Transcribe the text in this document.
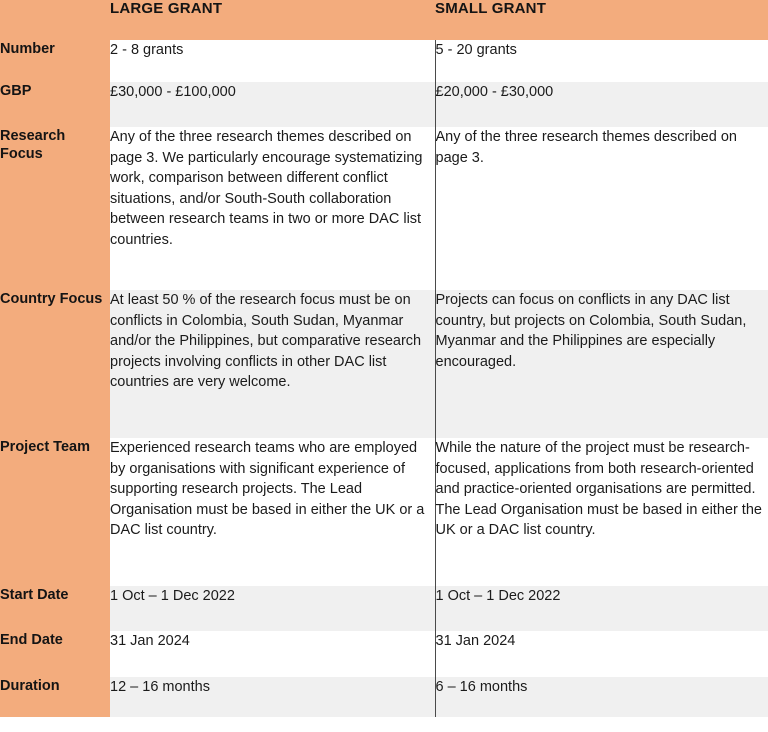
	LARGE GRANT	SMALL GRANT
Number	2 - 8 grants	5 - 20 grants
GBP	£30,000 - £100,000	£20,000 - £30,000
Research Focus	Any of the three research themes described on page 3. We particularly encourage systematizing work, comparison between different conflict situations, and/or South-South collaboration between research teams in two or more DAC list countries.	Any of the three research themes described on page 3.
Country Focus	At least 50 % of the research focus must be on conflicts in Colombia, South Sudan, Myanmar and/or the Philippines, but comparative research projects involving conflicts in other DAC list countries are very welcome.	Projects can focus on conflicts in any DAC list country, but projects on Colombia, South Sudan, Myanmar and the Philippines are especially encouraged.
Project Team	Experienced research teams who are employed by organisations with significant experience of supporting research projects. The Lead Organisation must be based in either the UK or a DAC list country.	While the nature of the project must be research-focused, applications from both research-oriented and practice-oriented organisations are permitted. The Lead Organisation must be based in either the UK or a DAC list country.
Start Date	1 Oct – 1 Dec 2022	1 Oct – 1 Dec 2022
End Date	31 Jan 2024	31 Jan 2024
Duration	12 – 16 months	6 – 16 months
